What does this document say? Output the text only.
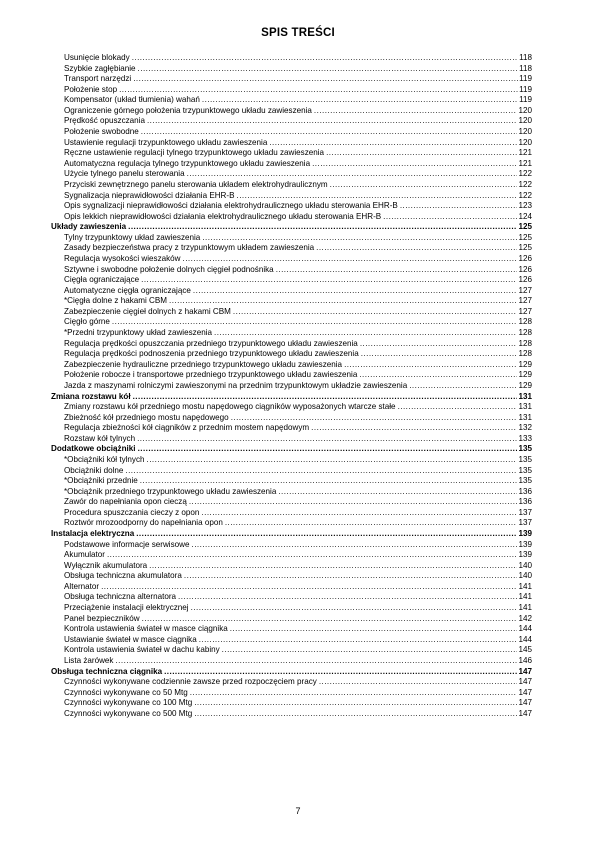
SPIS TREŚCI
Usunięcie blokady .....	118
Szybkie zagłębianie .....	118
Transport narzędzi .....	119
Położenie stop .....	119
Kompensator (układ tłumienia) wahań .....	119
Ograniczenie górnego położenia trzypunktowego układu zawieszenia .....	120
Prędkość opuszczania .....	120
Położenie swobodne .....	120
Ustawienie regulacji trzypunktowego układu zawieszenia .....	120
Ręczne ustawienie regulacji tylnego trzypunktowego układu zawieszenia .....	121
Automatyczna regulacja tylnego trzypunktowego układu zawieszenia .....	121
Użycie tylnego panelu sterowania .....	122
Przyciski zewnętrznego panelu sterowania układem elektrohydraulicznym .....	122
Sygnalizacja nieprawidłowości działania EHR-B .....	122
Opis sygnalizacji nieprawidłowości działania elektrohydraulicznego układu sterowania EHR-B .....	123
Opis lekkich nieprawidłowości działania elektrohydraulicznego układu sterowania EHR-B .....	124
Układy zawieszenia .....	125
Tylny trzypunktowy układ zawieszenia .....	125
Zasady bezpieczeństwa pracy z trzypunktowym układem zawieszenia .....	125
Regulacja wysokości wieszaków .....	126
Sztywne i swobodne położenie dolnych cięgieł podnośnika .....	126
Cięgła ograniczające .....	126
Automatyczne cięgła ograniczające .....	127
*Cięgła dolne z hakami CBM .....	127
Zabezpieczenie cięgieł dolnych z hakami CBM .....	127
Cięgło górne .....	128
*Przedni trzypunktowy układ zawieszenia .....	128
Regulacja prędkości opuszczania przedniego trzypunktowego układu zawieszenia .....	128
Regulacja prędkości podnoszenia przedniego trzypunktowego układu zawieszenia .....	128
Zabezpieczenie hydrauliczne przedniego trzypunktowego układu zawieszenia .....	129
Położenie robocze i transportowe przedniego trzypunktowego układu zawieszenia .....	129
Jazda z maszynami rolniczymi zawieszonymi na przednim trzypunktowym układzie zawieszenia .....	129
Zmiana rozstawu kół .....	131
Zmiany rozstawu kół przedniego mostu napędowego ciągników wyposażonych wtarcze stałe .....	131
Zbieżność kół przedniego mostu napędowego .....	131
Regulacja zbieżności kół ciągników z przednim mostem napędowym .....	132
Rozstaw kół tylnych .....	133
Dodatkowe obciążniki .....	135
*Obciążniki kół tylnych .....	135
Obciążniki dolne .....	135
*Obciążniki przednie .....	135
*Obciążnik przedniego trzypunktowego układu zawieszenia .....	136
Zawór do napełniania opon cieczą .....	136
Procedura spuszczania cieczy z opon .....	137
Roztwór mrozoodporny do napełniania opon .....	137
Instalacja elektryczna .....	139
Podstawowe informacje serwisowe .....	139
Akumulator .....	139
Wyłącznik akumulatora .....	140
Obsługa techniczna akumulatora .....	140
Alternator .....	141
Obsługa techniczna alternatora .....	141
Przeciążenie instalacji elektrycznej .....	141
Panel bezpieczników .....	142
Kontrola ustawienia świateł w masce ciągnika .....	144
Ustawianie świateł w masce ciągnika .....	144
Kontrola ustawienia świateł w dachu kabiny .....	145
Lista żarówek .....	146
Obsługa techniczna ciągnika .....	147
Czynności wykonywane codziennie zawsze przed rozpoczęciem pracy .....	147
Czynności wykonywane co 50 Mtg .....	147
Czynności wykonywane co 100 Mtg .....	147
Czynności wykonywane co 500 Mtg .....	147
7
